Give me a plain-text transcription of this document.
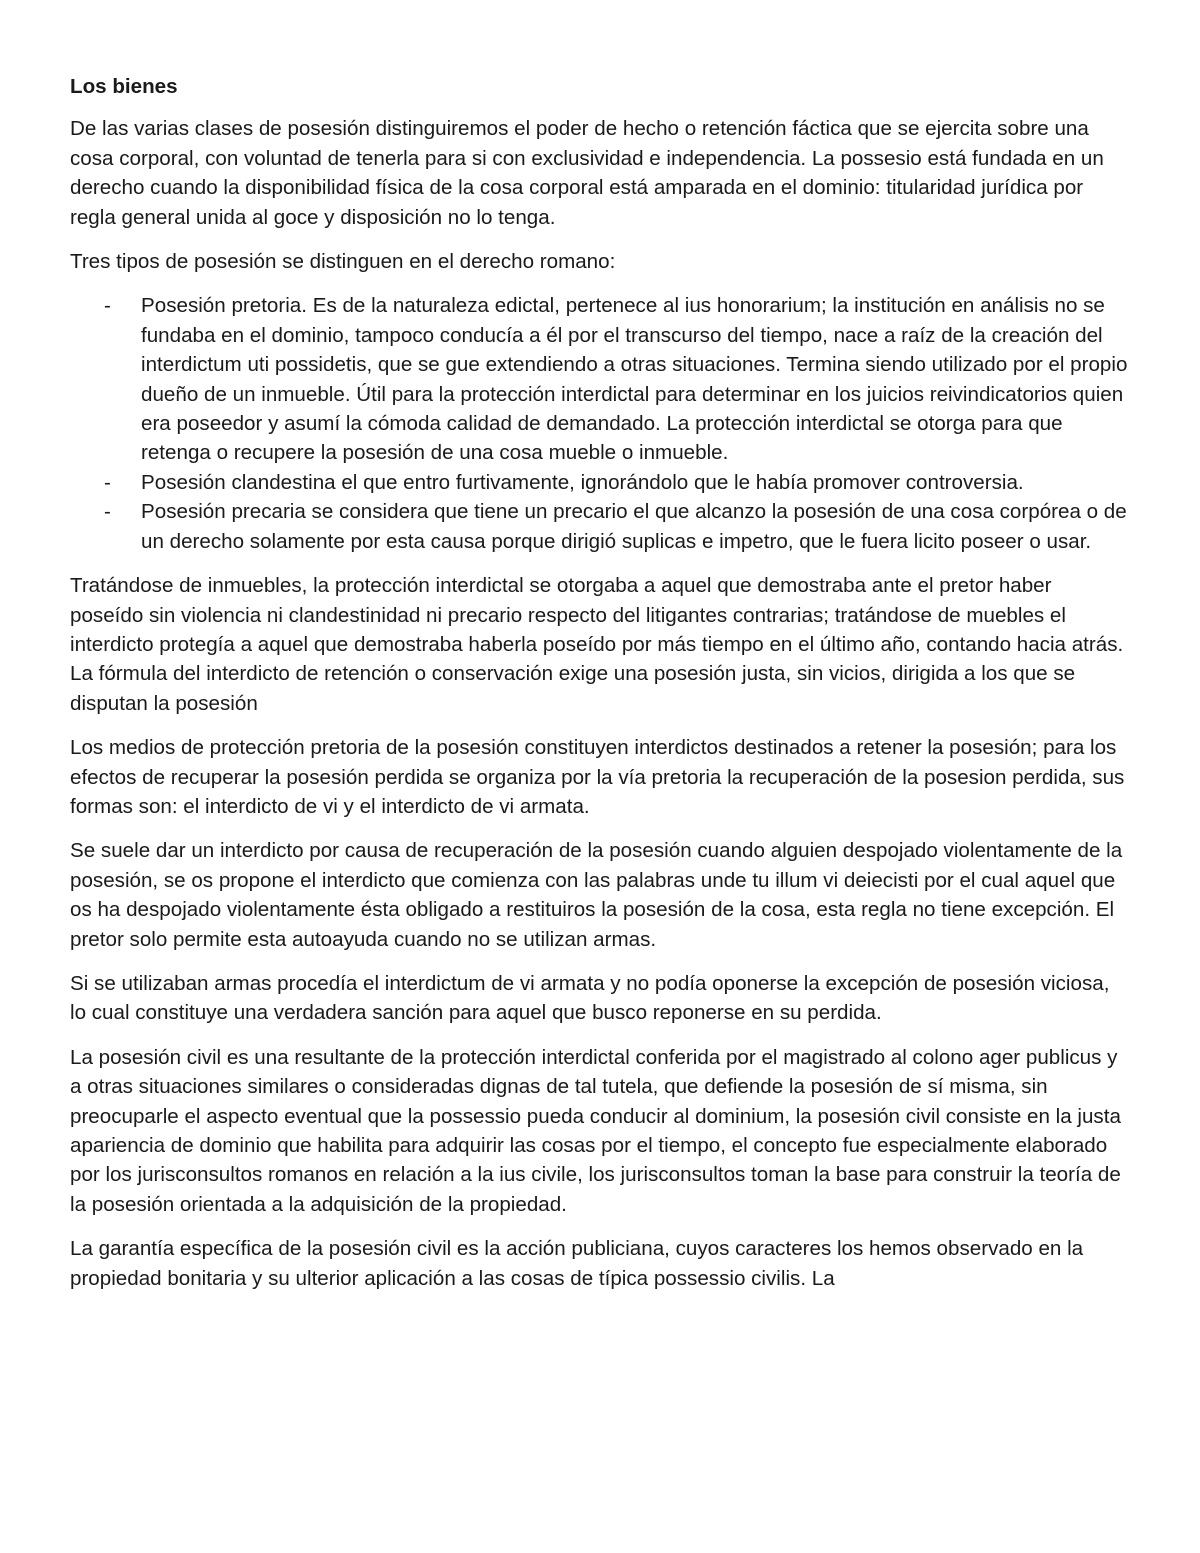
Los bienes

De las varias clases de posesión distinguiremos el poder de hecho o retención fáctica que se ejercita sobre una cosa corporal, con voluntad de tenerla para si con exclusividad e independencia. La possesio está fundada en un derecho cuando la disponibilidad física de la cosa corporal está amparada en el dominio: titularidad jurídica por regla general unida al goce y disposición no lo tenga.

Tres tipos de posesión se distinguen en el derecho romano:

- Posesión pretoria. Es de la naturaleza edictal, pertenece al ius honorarium; la institución en análisis no se fundaba en el dominio, tampoco conducía a él por el transcurso del tiempo, nace a raíz de la creación del interdictum uti possidetis, que se gue extendiendo a otras situaciones. Termina siendo utilizado por el propio dueño de un inmueble. Útil para la protección interdictal para determinar en los juicios reivindicatorios quien era poseedor y asumí la cómoda calidad de demandado. La protección interdictal se otorga para que retenga o recupere la posesión de una cosa mueble o inmueble.
- Posesión clandestina el que entro furtivamente, ignorándolo que le había promover controversia.
- Posesión precaria se considera que tiene un precario el que alcanzo la posesión de una cosa corpórea o de un derecho solamente por esta causa porque dirigió suplicas e impetro, que le fuera licito poseer o usar.

Tratándose de inmuebles, la protección interdictal se otorgaba a aquel que demostraba ante el pretor haber poseído sin violencia ni clandestinidad ni precario respecto del litigantes contrarias; tratándose de muebles el interdicto protegía a aquel que demostraba haberla poseído por más tiempo en el último año, contando hacia atrás. La fórmula del interdicto de retención o conservación exige una posesión justa, sin vicios, dirigida a los que se disputan la posesión

Los medios de protección pretoria de la posesión constituyen interdictos destinados a retener la posesión; para los efectos de recuperar la posesión perdida se organiza por la vía pretoria la recuperación de la posesion perdida, sus formas son: el interdicto de vi y el interdicto de vi armata.

Se suele dar un interdicto por causa de recuperación de la posesión cuando alguien despojado violentamente de la posesión, se os propone el interdicto que comienza con las palabras unde tu illum vi deiecisti por el cual aquel que os ha despojado violentamente ésta obligado a restituiros la posesión de la cosa, esta regla no tiene excepción. El pretor solo permite esta autoayuda cuando no se utilizan armas.

Si se utilizaban armas procedía el interdictum de vi armata y no podía oponerse la excepción de posesión viciosa, lo cual constituye una verdadera sanción para aquel que busco reponerse en su perdida.

La posesión civil es una resultante de la protección interdictal conferida por el magistrado al colono ager publicus y a otras situaciones similares o consideradas dignas de tal tutela, que defiende la posesión de sí misma, sin preocuparle el aspecto eventual que la possessio pueda conducir al dominium, la posesión civil consiste en la justa apariencia de dominio que habilita para adquirir las cosas por el tiempo, el concepto fue especialmente elaborado por los jurisconsultos romanos en relación a la ius civile, los jurisconsultos toman la base para construir la teoría de la posesión orientada a la adquisición de la propiedad.

La garantía específica de la posesión civil es la acción publiciana, cuyos caracteres los hemos observado en la propiedad bonitaria y su ulterior aplicación a las cosas de típica possessio civilis. La
